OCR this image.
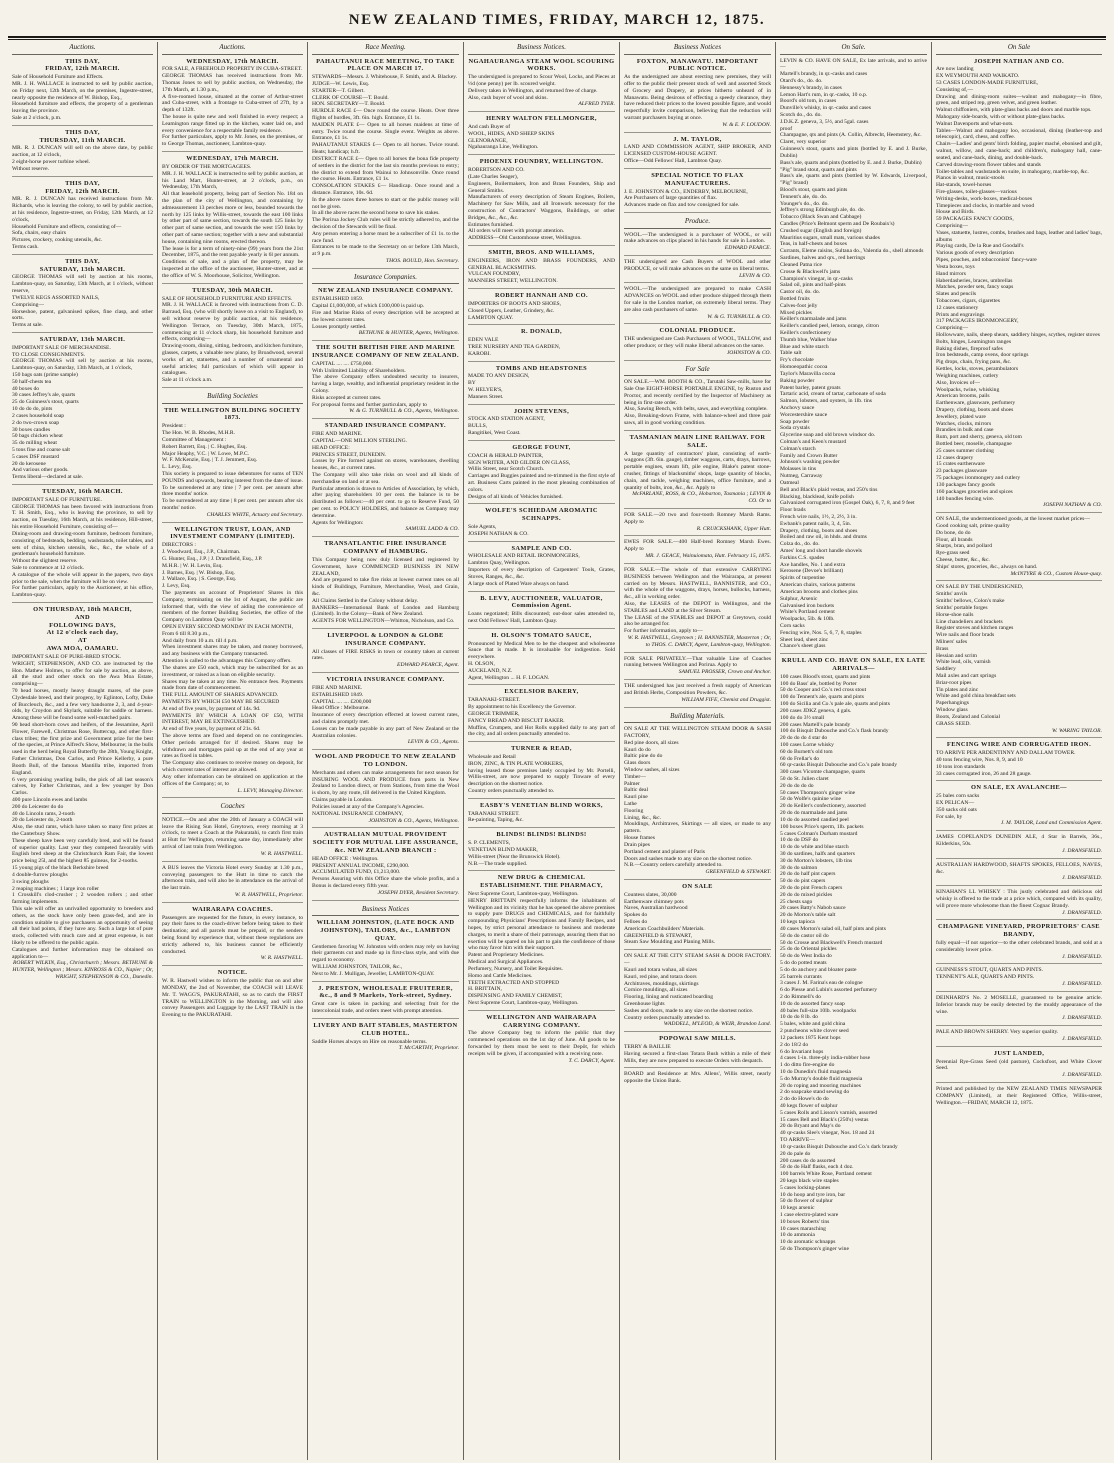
NEW ZEALAND TIMES, FRIDAY, MARCH 12, 1875.
Auctions.
THIS DAY,
FRIDAY, 12th MARCH.
Sale of Household Furniture and Effects.
MR. J. H. WALLACE is instructed to sell by public auction, on Friday next, 12th March, on the premises, Ingestre-street, nearly opposite the residence of W. Bishop, Esq.,
Household furniture and effects, the property of a gentleman leaving the province.
Sale at 2 o'clock, p.m.
THIS DAY,
THURSDAY, 11th MARCH.
MR. R. J. DUNCAN will sell on the above date, by public auction, at 12 o'clock,
2 eight-horse power turbine wheel.
Without reserve.
THIS DAY,
FRIDAY, 12th MARCH.
MR. R. J. DUNCAN has received instructions from Mr. Richards, who is leaving the colony, to sell by public auction, at his residence, Ingestre-street, on Friday, 12th March, at 12 o'clock,
Household Furniture and effects, consisting of—
Sofa, chairs, easy chairs
Pictures, crockery, cooking utensils, &c.
Terms cash.
THIS DAY,
SATURDAY, 13th MARCH.
GEORGE THOMAS will sell by auction at his rooms, Lambton-quay, on Saturday, 13th March, at 1 o'clock, without reserve,
TWELVE KEGS ASSORTED NAILS,
Comprising—
Horseshoe, patent, galvanised spikes, fine clasp, and other sorts.
Terms at sale.
SATURDAY, 13th MARCH.
IMPORTANT SALE OF MERCHANDISE.
TO CLOSE CONSIGNMENTS.
GEORGE THOMAS will sell by auction at his rooms, Lambton-quay, on Saturday, 13th March, at 1 o'clock,
150 bags oats (prime sample)
50 half-chests tea
40 boxes do
30 cases Jeffrey's ale, quarts
25 do Guinness's stout, quarts
10 do do do, pints
2 cases household soap
2 do two-crown soap
30 boxes candles
50 bags chicken wheat
35 do milling wheat
5 tons fine and coarse salt
5 cases DSF mustard
20 do kerosene
And various other goods.
Terms liberal—declared at sale.
TUESDAY, 16th MARCH.
IMPORTANT SALE OF FURNITURE.
GEORGE THOMAS has been favored with instructions from T. H. Smith, Esq., who is leaving the province, to sell by auction, on Tuesday, 16th March, at his residence, Hill-street, his entire Household Furniture, consisting of—
Dining-room and drawing-room furniture, bedroom furniture, consisting of bedsteads, bedding, washstands, toilet tables, and sets of china, kitchen utensils, &c., &c., the whole of a gentleman's household furniture.
Without the slightest reserve.
Sale to commence at 12 o'clock.
A catalogue of the whole will appear in the papers, two days prior to the sale, when the furniture will be on view.
For further particulars, apply to the Auctioneer, at his office, Lambton-quay.
ON THURSDAY, 18th MARCH,
AND
FOLLOWING DAYS,
At 12 o'clock each day,
AT
AWA MOA, OAMARU.
IMPORTANT SALE OF PURE-BRED STOCK.
WRIGHT, STEPHENSON, AND CO. are instructed by the Hon. Mathew Holmes, to offer for sale by auction, as above, all the stud and other stock on the Awa Moa Estate, comprising—
70 head horses, mostly heavy draught mares, of the pure Clydesdale breed, and their progeny, by Eglinton, Lofty, Duke of Buccleuch, &c., and a few very handsome 2, 3, and 4-year-olds, by Croydon and Skylark, suitable for saddle or harness. Among these will be found some well-matched pairs.
90 head short-horn cows and heifers, of the Jessamine, April Flower, Farewell, Christmas Rose, Buttercup, and other first-class tribes; the first prize and Government prize for the best of the species, at Prince Alfred's Show, Melbourne; in the bulls used in the herd being Royal Butterfly the 28th, Young Knight, Father Christmas, Don Carlos, and Prince Kellerby, a pure Booth Bull, of the famous Mantilla tribe, imported from England.
6 very promising yearling bulls, the pick of all last season's calves, by Father Christmas, and a few younger by Don Carlos.
400 pure Lincoln ewes and lambs
200 do Leicester do do
40 do Lincoln rams, 2-tooth
20 do Leicester do, 2-tooth
Also, the stud rams, which have taken so many first prizes at the Canterbury Show.
These sheep have been very carefully bred, and will be found of superior quality. Last year they competed favorably with English bred sheep at the Christchurch Ram Fair, the lowest price being 25l, and the highest 85 guineas, for 2-tooths.
15 young pigs of the black Berkshire breed
4 double-furrow ploughs
3 swing ploughs
2 reaping machines ; 1 large iron roller
1 Crosskill's clod-crusher ; 2 wooden rollers ; and other farming implements.
This sale will offer an unrivalled opportunity to breeders and others, as the stock have only been grass-fed, and are in condition suitable to give purchasers an opportunity of seeing all their bad points, if they have any. Such a large lot of pure stock, collected with much care and at great expense, is not likely to be offered to the public again.
Catalogues and further information may be obtained on application to—
ROBERT WILKIN, Esq., Christchurch ; Messrs. BETHUNE & HUNTER, Wellington ; Messrs. KINROSS & CO., Napier ; Or, WRIGHT, STEPHENSON & CO., Dunedin.
Auctions.
WEDNESDAY, 17th MARCH.
FOR SALE, A FREEHOLD PROPERTY IN CUBA-STREET.
GEORGE THOMAS has received instructions from Mr. Thomas Jones to sell by public auction, on Wednesday, the 17th March, at 1.30 p.m.,
A five-roomed house, situated at the corner of Arthur-street and Cuba-street, with a frontage to Cuba-street of 27ft, by a depth of 132ft.
The house is quite new and well finished in every respect; a Leamington range fitted up in the kitchen, water laid on, and every convenience for a respectable family residence.
For further particulars, apply to Mr. Jones, on the premises, or to George Thomas, auctioneer, Lambton-quay.
WEDNESDAY, 17th MARCH.
BY ORDER OF THE MORTGAGEES.
MR. J. H. WALLACE is instructed to sell by public auction, at his Land Mart, Hunter-street, at 2 o'clock, p.m., on Wednesday, 17th March,
All that leasehold property, being part of Section No. 184 on the plan of the city of Wellington, and containing by admeasurement 13 perches more or less, bounded towards the north by 125 links by Willis-street, towards the east 100 links by other part of same section, towards the south 125 links by other part of same section, and towards the west 150 links by other part of same section; together with a new and substantial house, containing nine rooms, erected thereon.
The lease is for a term of ninety-nine (99) years from the 21st December, 1875, and the rent payable yearly is 6l per annum.
Conditions of sale, and a plan of the property, may be inspected at the office of the auctioneer, Hunter-street, and at the office of W. S. Moorhouse, Solicitor, Wellington.
TUESDAY, 30th MARCH.
SALE OF HOUSEHOLD FURNITURE AND EFFECTS.
MR. J. H. WALLACE is favored with instructions from C. D. Barraud, Esq. (who will shortly leave on a visit to England), to sell without reserve by public auction, at his residence, Wellington Terrace, on Tuesday, 30th March, 1875, commencing at 11 o'clock sharp, his household furniture and effects, comprising—
Drawing-room, dining, sitting, bedroom, and kitchen furniture, glasses, carpets, a valuable new piano, by Broadwood, several works of art, statuettes, and a number of ornamental and useful articles; full particulars of which will appear in catalogues.
Sale at 11 o'clock a.m.
Building Societies
THE WELLINGTON BUILDING SOCIETY 1873.
President :
The Hon. W. B. Rhodes, M.H.R.
Committee of Management :
Robert Barrett, Esq. | C. Hughes, Esq.
Major Heaphy, V.C. | W. Lowe, M.P.C.
W. F. McKenzie, Esq. | T. J. Jemmett, Esq.
L. Levy, Esq.
This society is prepared to issue debentures for sums of TEN POUNDS and upwards, bearing interest from the date of issue.
To be surrendered at any time | 7 per cent. per annum after three months' notice.
To be surrendered at any time | 8 per cent. per annum after six months' notice.
CHARLES WHITE, Actuary and Secretary.
WELLINGTON TRUST, LOAN, AND INVESTMENT COMPANY (LIMITED).
DIRECTORS :
J. Woodward, Esq., J.P., Chairman.
G. Hunter, Esq., J.P. | J. Dransfield, Esq., J.P.
M.H.R. | W. H. Levin, Esq.
J. Barnes, Esq. | W. Bishop, Esq.
J. Wallace, Esq. | S. George, Esq.
J. Levy, Esq.
The payments on account of Proprietors' Shares in this Company, terminating on the 1st of August, the public are informed that, with the view of aiding the convenience of members of the former Building Societies, the office of the Company on Lambton Quay will be
OPEN EVERY SECOND MONDAY IN EACH MONTH,
From 6 till 8.30 p.m.,
And daily from 10 a.m. till 4 p.m.
When investment shares may be taken, and money borrowed, and any business with the Company transacted.
Attention is called to the advantages this Company offers.
The shares are £50 each, which may be subscribed for as an investment, or raised as a loan on eligible security.
Shares may be taken at any time. No entrance fees. Payments made from date of commencement.
THE FULL AMOUNT OF SHARES ADVANCED.
PAYMENTS BY WHICH £50 MAY BE SECURED
At end of five years, by payment of 14s. 9d.
PAYMENTS BY WHICH A LOAN OF £50, WITH INTEREST, MAY BE EXTINGUISHED.
At end of five years, by payment of 21s. 6d.
The above terms are fixed and depend on no contingencies. Other periods arranged for if desired. Shares may be withdrawn and mortgages paid up at the end of any year at rates as fixed in tables.
The Company also continues to receive money on deposit, for which current rates of interest are allowed.
Any other information can be obtained on application at the offices of the Company; or, to
L. LEVY, Managing Director.
Coaches
NOTICE.—On and after the 20th of January a COACH will leave the Rising Sun Hotel, Greytown, every morning at 3 o'clock, to meet a Coach at the Pakuratahi, to catch first train at Hutt for Wellington, returning same day, immediately after arrival of last train from Wellington.
W. R. HASTWELL.
A BUS leaves the Victoria Hotel every Sunday at 1.30 p.m., conveying passengers to the Hutt in time to catch the afternoon train, and will also be in attendance on the arrival of the last train.
W. R. HASTWELL, Proprietor.
WAIRARAPA COACHES.
Passengers are requested for the future, in every instance, to pay their fares to the coach-driver before being taken to their destination; and all parcels must be prepaid, or the senders being found by experience that, without these regulations are strictly adhered to, his business cannot be efficiently conducted.
W. R. HASTWELL.
NOTICE.
W. R. Hastwell wishes to inform the public that on and after MONDAY, the 2nd of November, the COACH will LEAVE Mr. T. WAGG'S, PAKURATAHI, so as to catch the FIRST TRAIN to WELLINGTON in the Morning, and will also convey Passengers and Luggage by the LAST TRAIN in the Evening to the PAKURATAHI.
Race Meeting.
PAHAUTANUI RACE MEETING, TO TAKE PLACE ON MARCH 17.
STEWARDS—Messrs. J. Whitehouse, F. Smith, and A. Blackey.
JUDGE—W. Lewis, Esq.
STARTER—T. Gilbert.
CLERK OF COURSE—T. Bould.
HON. SECRETARY—T. Bould.
HURDLE RACE £— Once round the course. Heats. Over three flights of hurdles, 3ft. 6in. high. Entrance, £1 1s.
MAIDEN PLATE £— Open to all horses maidens at time of entry. Twice round the course. Single event. Weights as above. Entrance, £1 1s.
PAHAUTANUI STAKES £— Open to all horses. Twice round. Heats; handicap; h.ft.
DISTRICT RACE £— Open to all horses the bona fide property of settlers in the district for the last six months previous to entry; the district to extend from Wainui to Johnsonville. Once round the course. Heats. Entrance, £1 1s.
CONSOLATION STAKES £— Handicap. Once round and a distance. Entrance, 10s. 6d.
In the above races three horses to start or the public money will not be given.
In all the above races the second horse to save his stakes.
The Porirua Jockey Club rules will be strictly adhered to, and the decision of the Stewards will be final.
Any person entering a horse must be a subscriber of £1 1s. to the race fund.
Entrances to be made to the Secretary on or before 13th March, at 9 p.m.
THOS. BOULD, Hon. Secretary.
Insurance Companies.
NEW ZEALAND INSURANCE COMPANY.
ESTABLISHED 1859.
Capital £1,000,000, of which £100,000 is paid up.
Fire and Marine Risks of every description will be accepted at the lowest current rates.
Losses promptly settled.
BETHUNE & HUNTER, Agents, Wellington.
THE SOUTH BRITISH FIRE AND MARINE INSURANCE COMPANY OF NEW ZEALAND.
CAPITAL .... .... £750,000.
With Unlimited Liability of Shareholders.
The above Company offers undoubted security to insurers, having a large, wealthy, and influential proprietary resident in the Colony.
Risks accepted at current rates.
For proposal forms and further particulars, apply to
W. & G. TURNBULL & CO., Agents, Wellington.
STANDARD INSURANCE COMPANY.
FIRE AND MARINE.
CAPITAL—ONE MILLION STERLING.
HEAD OFFICE:
PRINCES STREET, DUNEDIN.
Losses by Fire formed against on stores, warehouses, dwelling houses, &c., at current rates.
The Company will also take risks on wool and all kinds of merchandise on land or at sea.
Particular attention is drawn to Articles of Association, by which, after paying shareholders 10 per cent. the balance is to be distributed as follows:—40 per cent. to go to Reserve Fund, 50 per cent. to POLICY HOLDERS, and balance as Company may determine.
Agents for Wellington:
SAMUEL LADD & CO.
TRANSATLANTIC FIRE INSURANCE COMPANY of HAMBURG.
This Company being now duly licensed and registered by Government, have COMMENCED BUSINESS IN NEW ZEALAND,
And are prepared to take fire risks at lowest current rates on all kinds of Buildings, Furniture, Merchandise, Wool, and Grain, &c.
All Claims Settled in the Colony without delay.
BANKERS—International Bank of London and Hamburg (Limited). In the Colony—Bank of New Zealand.
AGENTS FOR WELLINGTON—Whitton, Nicholson, and Co.
LIVERPOOL & LONDON & GLOBE INSURANCE COMPANY.
All classes of FIRE RISKS in town or country taken at current rates.
EDWARD PEARCE, Agent.
VICTORIA INSURANCE COMPANY.
FIRE AND MARINE.
ESTABLISHED 1849.
CAPITAL .... .... £200,000
Head Office : Melbourne.
Insurance of every description effected at lowest current rates, and claims promptly met.
Losses can be made payable in any part of New Zealand or the Australian colonies.
LEVIN & CO., Agents.
WOOL AND PRODUCE TO NEW ZEALAND TO LONDON.
Merchants and others can make arrangements for next season for INSURING WOOL AND PRODUCE from ports in New Zealand to London direct, or from Stations, from time the Wool is shorn, by any route, till delivered in the United Kingdom.
Claims payable in London.
Policies issued at any of the Company's Agencies.
NATIONAL INSURANCE COMPANY,
JOHNSTON & CO., Agents, Wellington.
AUSTRALIAN MUTUAL PROVIDENT SOCIETY FOR MUTUAL LIFE ASSURANCE, &c. NEW ZEALAND BRANCH :
HEAD OFFICE : Wellington.
PRESENT ANNUAL INCOME, £290,000.
ACCUMULATED FUND, £1,213,000.
Persons Assuring with this Office share the whole profits, and a Bonus is declared every fifth year.
JOSEPH DYER, Resident Secretary.
Business Notices
WILLIAM JOHNSTON, (LATE BOCK AND JOHNSTON), TAILORS, &c., LAMBTON QUAY.
Gentlemen favoring W. Johnston with orders may rely on having their garments cut and made up in first-class style, and with due regard to economy.
WILLIAM JOHNSTON, TAILOR, &c.,
Next to Mr. J. Mulligan, Jeweller, LAMBTON-QUAY.
J. PRESTON, WHOLESALE FRUITERER, &c., 8 and 9 Markets, York-street, Sydney.
Great care is taken in packing and selecting fruit for the intercolonial trade, and orders meet with prompt attention.
LIVERY AND BAIT STABLES, MASTERTON CLUB HOTEL.
Saddle Horses always on Hire on reasonable terms.
T. McCARTHY, Proprietor.
Business Notices.
NGAHAURANGA STEAM WOOL SCOURING WORKS.
The undersigned is prepared to Scour Wool, Locks, and Pieces at ½d (one penny) per lb. scoured weight.
Delivery taken in Wellington, and returned free of charge.
Also, cash buyer of wool and skins.
ALFRED TYER.
HENRY WALTON FELLMONGER,
And cash Buyer of
WOOL, HIDES, AND SHEEP SKINS
GLENORANGE,
Ngahauranga Line, Wellington.
PHOENIX FOUNDRY, WELLINGTON.
ROBERTSON AND CO.
(Late Charles Seager),
Engineers, Boilermakers, Iron and Brass Founders, Ship and General Smiths.
Manufacturers of every description of Steam Engines, Boilers, Machinery for Saw Mills, and all Ironwork necessary for the construction of Contractors' Waggons, Buildings, or other Bridges, &c., &c., &c.
Estimates furnished.
All orders will meet with prompt attention.
ADDRESS—Old Customhouse street, Wellington.
SMITH, BROS. AND WILLIAMS,
ENGINEERS, IRON AND BRASS FOUNDERS, AND GENERAL BLACKSMITHS.
VULCAN FOUNDRY,
MANNERS STREET, WELLINGTON.
ROBERT HANNAH AND CO.
IMPORTERS OF BOOTS AND SHOES,
Closed Uppers, Leather, Grindery, &c.
LAMBTON QUAY.
R. DONALD,
EDEN VALE
TREE NURSERY AND TEA GARDEN,
KAROBI.
TOMBS AND HEADSTONES
MADE TO ANY DESIGN,
BY
W. HELYER'S,
Manners Street.
JOHN STEVENS,
STOCK AND STATION AGENT,
BULLS,
Rangitikei, West Coast.
GEORGE FOUNT,
COACH & HERALD PAINTER,
SIGN WRITER, AND GILDER ON GLASS,
Willis Street, near Scotch Church.
Carriages and Buggies painted and re-trimmed in the first style of art. Business Carts painted in the most pleasing combination of colors.
Designs of all kinds of Vehicles furnished.
WOLFE'S SCHIEDAM AROMATIC SCHNAPPS.
Sole Agents,
JOSEPH NATHAN & CO.
SAMPLE AND CO.
WHOLESALE AND RETAIL IRONMONGERS,
Lambton Quay, Wellington.
Importers of every description of Carpenters' Tools, Grates, Stoves, Ranges, &c., &c.
A large stock of Plated Ware always on hand.
B. LEVY, AUCTIONEER, VALUATOR, Commission Agent.
Loans negotiated; Bills discounted; out-door sales attended to, next Odd Fellows' Hall, Lambton Quay.
H. OLSON'S TOMATO SAUCE,
Pronounced by Medical Men to be the cheapest and wholesome Sauce that is made. It is invaluable for indigestion. Sold everywhere.
H. OLSON,
AUCKLAND, N.Z.
Agent, Wellington ... H. F. LOGAN.
EXCELSIOR BAKERY,
TARANAKI-STREET.
By appointment to his Excellency the Governor.
GEORGE TRIMMER,
FANCY BREAD AND BISCUIT BAKER.
Muffins, Crumpets, and Hot Rolls supplied daily to any part of the city, and all orders punctually attended to.
TURNER & READ,
Wholesale and Retail
IRON, ZINC, & TIN PLATE WORKERS,
having leased those premises lately occupied by Mr. Portelli, Willis-street, are now prepared to supply Tinware of every description on the shortest notice.
Country orders punctually attended to.
EASBY'S VENETIAN BLIND WORKS,
TARANAKI STREET.
Re-painting, Taping, &c.
BLINDS! BLINDS! BLINDS!
S. P. CLEMENTS,
VENETIAN BLIND MAKER,
Willis-street (Near the Brunswick Hotel).
N.B.—The trade supplied.
NEW DRUG & CHEMICAL ESTABLISHMENT. THE PHARMACY,
Next Supreme Court, Lambton-quay, Wellington.
HENRY BRITTAIN respectfully informs the inhabitants of Wellington and its vicinity that he has opened the above premises to supply pure DRUGS and CHEMICALS, and for faithfully compounding Physicians' Prescriptions and Family Recipes, and hopes, by strict personal attendance to business and moderate charges, to merit a share of their patronage, assuring them that no exertion will be spared on his part to gain the confidence of those who may favor him with their support.
Patent and Proprietary Medicines.
Medical and Surgical Appliances.
Perfumery, Nursery, and Toilet Requisites.
Homo and Cattle Medicines.
TEETH EXTRACTED AND STOPPED
H. BRITTAIN,
DISPENSING AND FAMILY CHEMIST,
Next Supreme Court, Lambton-quay, Wellington.
WELLINGTON AND WAIRARAPA CARRYING COMPANY.
The above Company beg to inform the public that they commenced operations on the 1st day of June. All goods to be forwarded by them must be sent to their Depôt, for which receipts will be given, if accompanied with a receiving note.
T. C. DARCY, Agent.
Business Notices
FOXTON, MANAWATU. IMPORTANT PUBLIC NOTICE.
As the undersigned are about erecting new premises, they will offer to the public their present stock of well and assorted Stock of Grocery and Drapery, at prices hitherto unheard of in Manawatu. Being desirous of effecting a speedy clearance, they have reduced their prices to the lowest possible figure, and would respectfully invite comparison, believing that the reduction will warrant purchasers buying at once.
W. & E. F. LOUDON.
J. M. TAYLOR,
LAND AND COMMISSION AGENT, SHIP BROKER, AND LICENSED CUSTOM-HOUSE AGENT.
Office—Odd Fellows' Hall, Lambton Quay.
SPECIAL NOTICE TO FLAX MANUFACTURERS.
J. E. JOHNSTON & CO., ENDERBY, MELBOURNE,
Are Purchasers of large quantities of flax.
Advances made on flax and tow consigned for sale.
Produce.
WOOL.—The undersigned is a purchaser of WOOL, or will make advances on clips placed in his hands for sale in London.
EDWARD PEARCE.
THE undersigned are Cash Buyers of WOOL and other PRODUCE, or will make advances on the same on liberal terms.
LEVIN & CO.
WOOL.—The undersigned are prepared to make CASH ADVANCES on WOOL and other produce shipped through them for sale in the London market, on extremely liberal terms. They are also cash purchasers of same.
W. & G. TURNBULL & CO.
COLONIAL PRODUCE.
THE undersigned are Cash Purchasers of WOOL, TALLOW, and other produce; or they will make liberal advances on the same.
JOHNSTON & CO.
For Sale
ON SALE.—WM. BOOTH & CO., Tarutahi Saw-mills, have for Sale One EIGHT-HORSE PORTABLE ENGINE, by Ruston and Proctor, and recently certified by the Inspector of Machinery as being in first-rate order.
Also, Sawing Bench, with belts, saws, and everything complete.
Also, Breaking-down Frame, with balance-wheel and three pair saws, all in good working condition.
TASMANIAN MAIN LINE RAILWAY. FOR SALE.
A large quantity of contractors' plant, consisting of earth-waggons (3ft. 6in. gauge), timber waggons, carts, drays, barrows, portable engines, steam lift, pile engine, Blake's patent stone-crusher, fittings of blacksmiths' shops, large quantity of blocks, chain, and tackle, weighing machines, office furniture, and a quantity of bolts, iron, &c., &c. Apply to
McFARLANE, ROSS, & CO., Hobarton, Tasmania ; LEVIN & CO. Or to
FOR SALE.—20 two and four-tooth Romney Marsh Rams. Apply to
R. CRUICKSHANK, Upper Hutt.
EWES FOR SALE.—400 Half-bred Romney Marsh Ewes. Apply to
MR. J. GEACE, Wainuiomata, Hutt. February 15, 1875.
FOR SALE.—The whole of that extensive CARRYING BUSINESS between Wellington and the Wairarapa, at present carried on by Messrs. HASTWELL, BANNISTER, and CO., with the whole of the waggons, drays, horses, bullocks, harness, &c., all in working order.
Also, the LEASES of the DEPOT in Wellington, and the STABLES and LAND at the Silver Stream.
The LEASE of the STABLES and DEPOT at Greytown, could also be arranged for.
For further information, apply to—
W. R. HASTWELL, Greytown ; H. BANNISTER, Masterton ; Or, to THOS. C. DARCY, Agent, Lambton-quay, Wellington.
FOR SALE PRIVATELY.—That valuable Line of Coaches running between Wellington and Porirua. Apply to
SAMUEL PROSSER, Crown and Anchor.
THE undersigned has just received a fresh supply of American and British Herbs, Composition Powders, &c.
WILLIAM FIFE, Chemist and Druggist.
Building Materials.
ON SALE AT THE WELLINGTON STEAM DOOR & SASH FACTORY,
Red pine doors, all sizes
Kauri do do
Baltic pine do do
Glass doors
Window sashes, all sizes
Timber—
Palmer
Baltic deal
Kauri pine
Lathe
Flooring
Lining, &c., &c.
Mouldings, Architraves, Skirtings — all sizes, or made to any pattern.
House frames
Drain pipes
Portland cement and plaster of Paris
Doors and sashes made to any size on the shortest notice.
N.B.—Country orders carefully attended to.
GREENFIELD & STEWART.
ON SALE
Countess slates, 30,000
Earthenware chimney pots
Naves, Australian hardwood
Spokes do
Felloes do
American Coachbuilders' Materials.
GREENFIELD & STEWART,
Steam Saw Moulding and Planing Mills.
ON SALE AT THE CITY STEAM SASH & DOOR FACTORY.—
Kauri and totara wahau, all sizes
Kauri, red pine, and totara doors
Architraves, mouldings, skirtings
Cornice mouldings, all sizes
Flooring, lining and rusticated boarding
Greenhouse lights
Sashes and doors, made to any size on the shortest notice.
Country orders punctually attended to.
WADDELL, M'LEOD, & WEIR, Brandon Land.
POPOWAI SAW MILLS.
TERRY & BAILLIE
Having secured a first-class Totara Bush within a mile of their Mills, they are now prepared to execute Orders with despatch.
BOARD and Residence at Mrs. Allens', Willis street, nearly opposite the Union Bank.
On Sale.
LEVIN & CO. HAVE ON SALE, Ex late arrivals, and to arrive—
Martell's brandy, in qr.-casks and cases
Otard's do., do. do.
Hennessy's brandy, in cases
Lemon Hart's rum, in qr.-casks, 10 o.p.
Boord's old tom, in cases
Dunville's whisky, in qr.-casks and cases
Scotch do., do. do.
J.D.K.Z. geneva, 3, 5½, and 5gal. cases
proof
Champagne, qts and pints (A. Collin, Albrecht, Heemstery, &c.
Claret, very superior
Guinness's stout, quarts and pints (bottled by E. and J. Burke, Dublin)
Bass's ale, quarts and pints (bottled by E. and J. Burke, Dublin)
"Pig" brand stout, quarts and pints
Bass's ale, quarts and pints (bottled by W. Edwards, Liverpool, "Pig" brand)
Blood's stout, quarts and pints
Tennent's ale, do. do.
Younger's do., do. do.
Jeffrey's strong Edinburgh ale, do. do.
Tobacco (Black Swan and Cabbage)
Candles (Price's Belmont sperm and De Roubaix's)
Crushed sugar (English and foreign)
Mauritius sugars, small mats, various shades
Teas, in half-chests and boxes
Currants, Eleme raisins, Sultana do., Valentia do., shell almonds
Sardines, halves and qrs., red herrings
Cleaned Patna rice
Crosse & Blackwell's jams
Champion's vinegar, in qr.-casks
Salad oil, pints and half-pints
Castor oil, do. do.
Bottled fruits
Calves-foot jelly
Mixed pickles
Keiller's marmalade and jams
Keiller's candied peel, lemon, orange, citron
Keiller's confectionery
Thumb blue, Walker blue
Blue and white starch
Table salt
Fry's chocolate
Homoeopathic cocoa
Taylor's Maravilla cocoa
Baking powder
Patent barley, patent groats
Tartaric acid, cream of tartar, carbonate of soda
Salmon, lobsters, and oysters, in 1lb. tins
Anchovy sauce
Worcestershire sauce
Soap powder
Soda crystals
Glycerine soap and old brown windsor do.
Colman's and Keen's mustard
Colman's starch
Family and Crown Butter
Johnson's washing powder
Molasses in tins
Nutmeg, Carraway
Oatmeal
Bell and Black's plaid vestas, and 250's tins
Blacking, blacklead, knife polish
Galvanized corrugated iron (Gospel Oak), 6, 7, 8, and 9 feet
Floor brads
French wire nails, 1½, 2, 2½, 3 in.
Ewbank's patent nails, 3, 4, 5in.
Drapery, clothing, boots and shoes
Boiled and raw oil, in hhds. and drums
Colza do., do. do.
Ames' long and short handle shovels
Farkins C.S. spades
Axe handles, No. 1 and extra
Kerosene (Devoe's brilliant)
Spirits of turpentine
American chairs, various patterns
American brooms and clothes pins
Sulphur, Arsenic
Galvanised iron buckets
White's Portland cement
Woolpacks, 5lb. & 10lb.
Corn sacks
Fencing wire, Nos. 5, 6, 7, 8, staples
Sheet lead, sheet zinc
Chance's sheet glass
KRULL AND CO. HAVE ON SALE, EX LATE ARRIVALS—
100 cases Blood's stout, quarts and pints
100 do Bass' ale, bottled by Porter
50 do Cooper and Co.'s red cross stout
100 do Tennent's ale, quarts and pints
100 do Sicilia and Co.'s pale ale, quarts and pints
200 cases JDKZ geneva, 4 gals.
100 do do 3½ small
200 cases Martell's pale brandy
100 do Bisquit Dubouche and Co.'s flask brandy
20 do do do 4 star do
100 cases Lorne whisky
60 do Burnett's old tom
60 do Frellar's do
60 qr-casks Bisquit Dubouche and Co.'s pale brandy
300 cases Vicomte champagne, quarts
50 do St. Julien claret
20 do do do do
50 cases Thompson's ginger wine
50 do Wolfe's quinine wine
20 do Keiller's confectionery, assorted
20 do do marmalade and jams
10 do do assorted candied peel
100 boxes Price's sperm, 1lb. packets
5 cases Colman's Durham mustard
10 do do DSF do
10 do do white and blue starch
30 do sardines, halfs and quarters
30 do Morton's lobsters, 1lb tins
30 do do salmon
20 do do half pint capers
50 do do pint capers
20 do do pint French capers
20 do do mixed pickles
25 chests sago
20 cases Batty's Nabob sauce
20 do Morton's table salt
10 kegs tapioca
40 cases Morton's salad oil, half pints and pints
50 do do castor oil do
50 do Crosse and Blackwell's French mustard
25 do do Oriental pickles
50 do do West India do
5 do do potted meats
5 do do anchovy and bloater paste
25 barrels currants
3 cases J. M. Farina's eau de cologne
6 do Piesse and Lubin's assorted perfumery
2 do Rimmell's do
10 do do assorted fancy soap
40 bales full-size 10lb. woolpacks
10 do do 8 lb. do
5 bales, white and gold china
2 puncheons white clover seed
12 packets 1875 Kent hops
2 do 18/2 do
6 do Invariant hops
4 cases 1-in. three-ply india-rubber hose
1 do ditto fire-engine do
10 do Dunedin's fluid magnesia
5 do Murray's double fluid magnesia
20 do roping and mooring machines
2 do soapcake stand sewing do
2 do do Howe's do do
40 kegs flower of sulphur
5 cases Rolls and Lisson's varnish, assorted
15 cases Bell and Black's (250's) vestas
20 do Bryant and May's do
40 qr-casks Slee's vinegar, Nos. 18 and 24
TO ARRIVE—
10 qr-casks Bisquit Dubouche and Co.'s dark brandy
20 do pale do
200 cases do do assorted
50 do do Half flasks, each 4 doz.
100 barrels White Rose, Portland cement
20 kegs black wire staples
5 cases locking-planes
10 do hoop and tyre iron, bar
50 do flower of sulphur
10 kegs arsenic
1 case electro-plated ware
10 boxes Roberts' tins
10 cases marasching
10 do ammonia
10 do aromatic schnapps
50 do Thompson's ginger wine
On Sale
JOSEPH NATHAN AND CO.
Are now landing
EX WEYMOUTH AND WAIKATO.
53 CASES LONDON-MADE FURNITURE,
Consisting of,—
Drawing and dining-room suites—walnut and mahogany—in fibre, green, and striped rep, green velvet, and green leather.
Walnut chiffoniers, with plate-glass backs and doors and marble tops.
Mahogany side-boards, with or without plate-glass backs.
Walnut Davenports and what-nots.
Tables—Walnut and mahogany loo, occasional, dining (leather-top and telescopic), card, chess, and coffee.
Chairs—Ladies' and gents' birch folding, papier maché, ebonised and gilt, walnut, willow, and cane-back; and children's, mahogany hall, cane-seated, and cane-back, dining, and double-back.
Carved drawing-room flower tables and stands
Toilet-tables and washstands en suite, in mahogany, marble-top, &c.
Pianos in walnut, music-stools
Hat-stands, towel-horses
Fire-glasses, toilet-glasses—various
Writing-desks, work-boxes, medical-boxes
Timepieces and clocks, in marble and wood
House and Birds.
59 PACKAGES FANCY GOODS,
Comprising—
Vases, statuette, lustres, combs, brushes and bags, leather and ladies' bags, albums
Playing cards, De la Rue and Goodall's
Various goods of every description
Pipes, pouches, and tobacconists' fancy-ware
Vesta boxes, toys
Hand mirrors
Haberdasheries, braces, umbrellas
Matches, powder sets, fancy soaps
Slates and pencils
Tobaccoes, cigars, cigarettes
12 cases stationery
Prints and engravings
317 PACKAGES IRONMONGERY,
Comprising—
Hollowware, nails, sheep shears, saddlery hinges, scythes, register stoves
Bolts, hinges, Leamington ranges
Baking dishes, fireproof safes
Iron bedsteads, camp ovens, door springs
Pig drops, chain, frying pans, &c.
Kettles, locks, stoves, perambulators
Weighing machines, cutlery
Also, Invoices of—
Woolpacks, twine, whisking
American brooms, pails
Earthenware, glassware, perfumery
Drapery, clothing, boots and shoes
Jewellery, plated ware
Watches, clocks, mirrors
Brandies in bulk and case
Rum, port and sherry, geneva, old tom
Bottled beer, moselle, champagne
25 cases summer clothing
12 cases drapery
15 crates earthenware
23 packages glassware
75 packages ironmongery and cutlery
130 packages fancy goods
160 packages groceries and spices
140 bundles fencing wire.
JOSEPH NATHAN & CO.
ON SALE, the undermentioned goods, at the lowest market prices—
Good cooking salt, prime quality
Do bone, do do
Flour, all brands
Sharps, bran, and pollard
Rye-grass seed
Cheese, butter, &c., &c.
Ships' stores, groceries, &c., always on hand.
McINTYRE & CO., Custom House-quay.
ON SALE BY THE UNDERSIGNED,
Smiths' anvils
Smiths' bellows, Colon's make
Smiths' portable forges
Horse-shoe nails
Line chandeliers and brackets
Register stoves and kitchen ranges
Wire nails and floor brads
Milners' safes
Brass
Hessian and scrim
White lead, oils, varnish
Saddlery
Mail axles and cart springs
Briar-root pipes
Tin plates and zinc
White and gold china breakfast sets
Paperhangings
Window glass
Boots, Zealand and Colonial
GRASS SEED.
W. WARING TAYLOR.
FENCING WIRE AND CORRUGATED IRON.
TO ARRIVE PER ARDENTINNY AND DALLAM TOWER.
40 tons fencing wire, Nos. 8, 9, and 10
10 tons iron standards
33 cases corrugated iron, 26 and 28 gauge.
ON SALE, EX AVALANCHE—
25 bales corn sacks
EX PELICAN—
350 sacks old oats
For sale, by
J. M. TAYLOR, Land and Commission Agent.
JAMES COPELAND'S DUNEDIN ALE, 4 Star in Barrels, 36s., Kilderkins, 50s.
J. DRANSFIELD.
AUSTRALIAN HARDWOOD, SHAFTS SPOKES, FELLOES, NAVES, &c.
J. DRANSFIELD.
KINAHAN'S LL WHISKY : This justly celebrated and delicious old whisky is offered to the trade at a price which, compared with its quality, will prove more wholesome than the finest Cognac Brandy.
J. DRANSFIELD.
CHAMPAGNE VINEYARD, PROPRIETORS' CASE BRANDY,
fully equal—if not superior—to the other celebrated brands, and sold at a considerably lower price.
J. DRANSFIELD.
GUINNESS'S STOUT, QUARTS AND PINTS.
TENNENT'S ALE, QUARTS AND PINTS.
J. DRANSFIELD.
DEINHARD'S No. 2 MOSELLE, guaranteed to be genuine article. Inferior brands may be easily detected by the muddy appearance of the wine.
J. DRANSFIELD.
PALE AND BROWN SHERRY. Very superior quality.
J. DRANSFIELD.
JUST LANDED,
Perennial Rye-Grass Seed (old pasture), Cocksfoot, and White Clover Seed.
J. DRANSFIELD.
Printed and published by the NEW ZEALAND TIMES NEWSPAPER COMPANY (Limited), at their Registered Office, Willis-street, Wellington.—FRIDAY, MARCH 12, 1875.
